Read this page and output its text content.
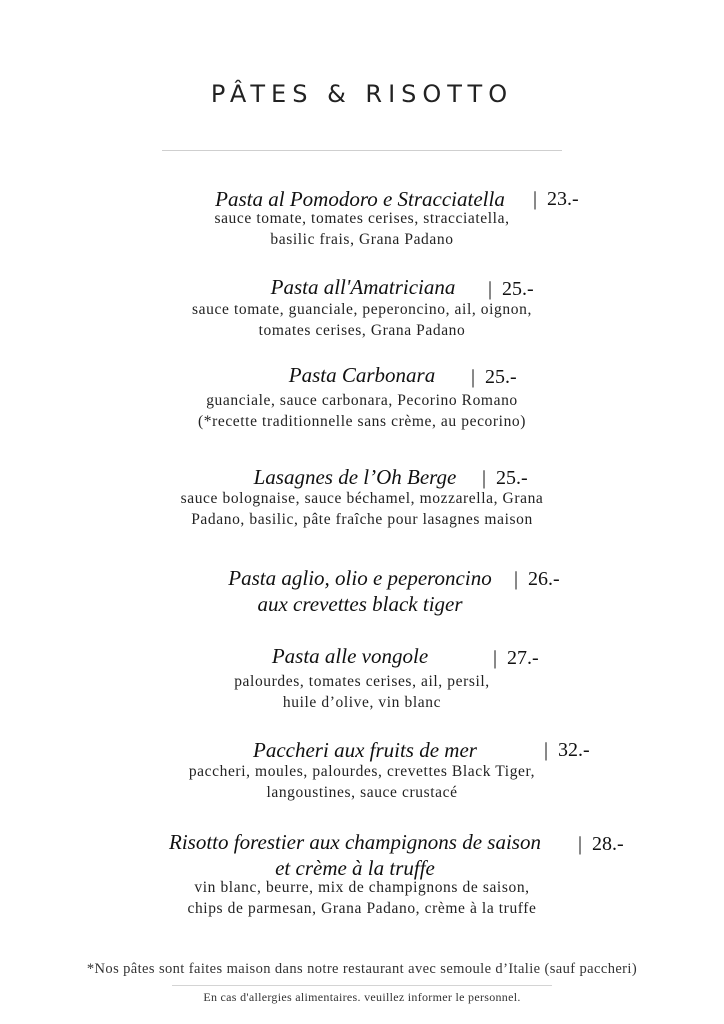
PÂTES & RISOTTO
Pasta al Pomodoro e Stracciatella	| 23.-
sauce tomate, tomates cerises, stracciatella,
basilic frais, Grana Padano
Pasta all'Amatriciana	| 25.-
sauce tomate, guanciale, peperoncino, ail, oignon,
tomates cerises, Grana Padano
Pasta Carbonara	| 25.-
guanciale, sauce carbonara, Pecorino Romano
(*recette traditionnelle sans crème, au pecorino)
Lasagnes de l’Oh Berge	| 25.-
sauce bolognaise, sauce béchamel, mozzarella, Grana
Padano, basilic, pâte fraîche pour lasagnes maison
Pasta aglio, olio e peperoncino
aux crevettes black tiger
| 26.-
Pasta alle vongole	| 27.-
palourdes, tomates cerises, ail, persil,
huile d’olive, vin blanc
Paccheri aux fruits de mer	| 32.-
paccheri, moules, palourdes, crevettes Black Tiger,
langoustines, sauce crustacé
Risotto forestier aux champignons de saison
et crème à la truffe
| 28.-
vin blanc, beurre, mix de champignons de saison,
chips de parmesan, Grana Padano, crème à la truffe
*Nos pâtes sont faites maison dans notre restaurant avec semoule d’Italie (sauf paccheri)
En cas d'allergies alimentaires. veuillez informer le personnel.
